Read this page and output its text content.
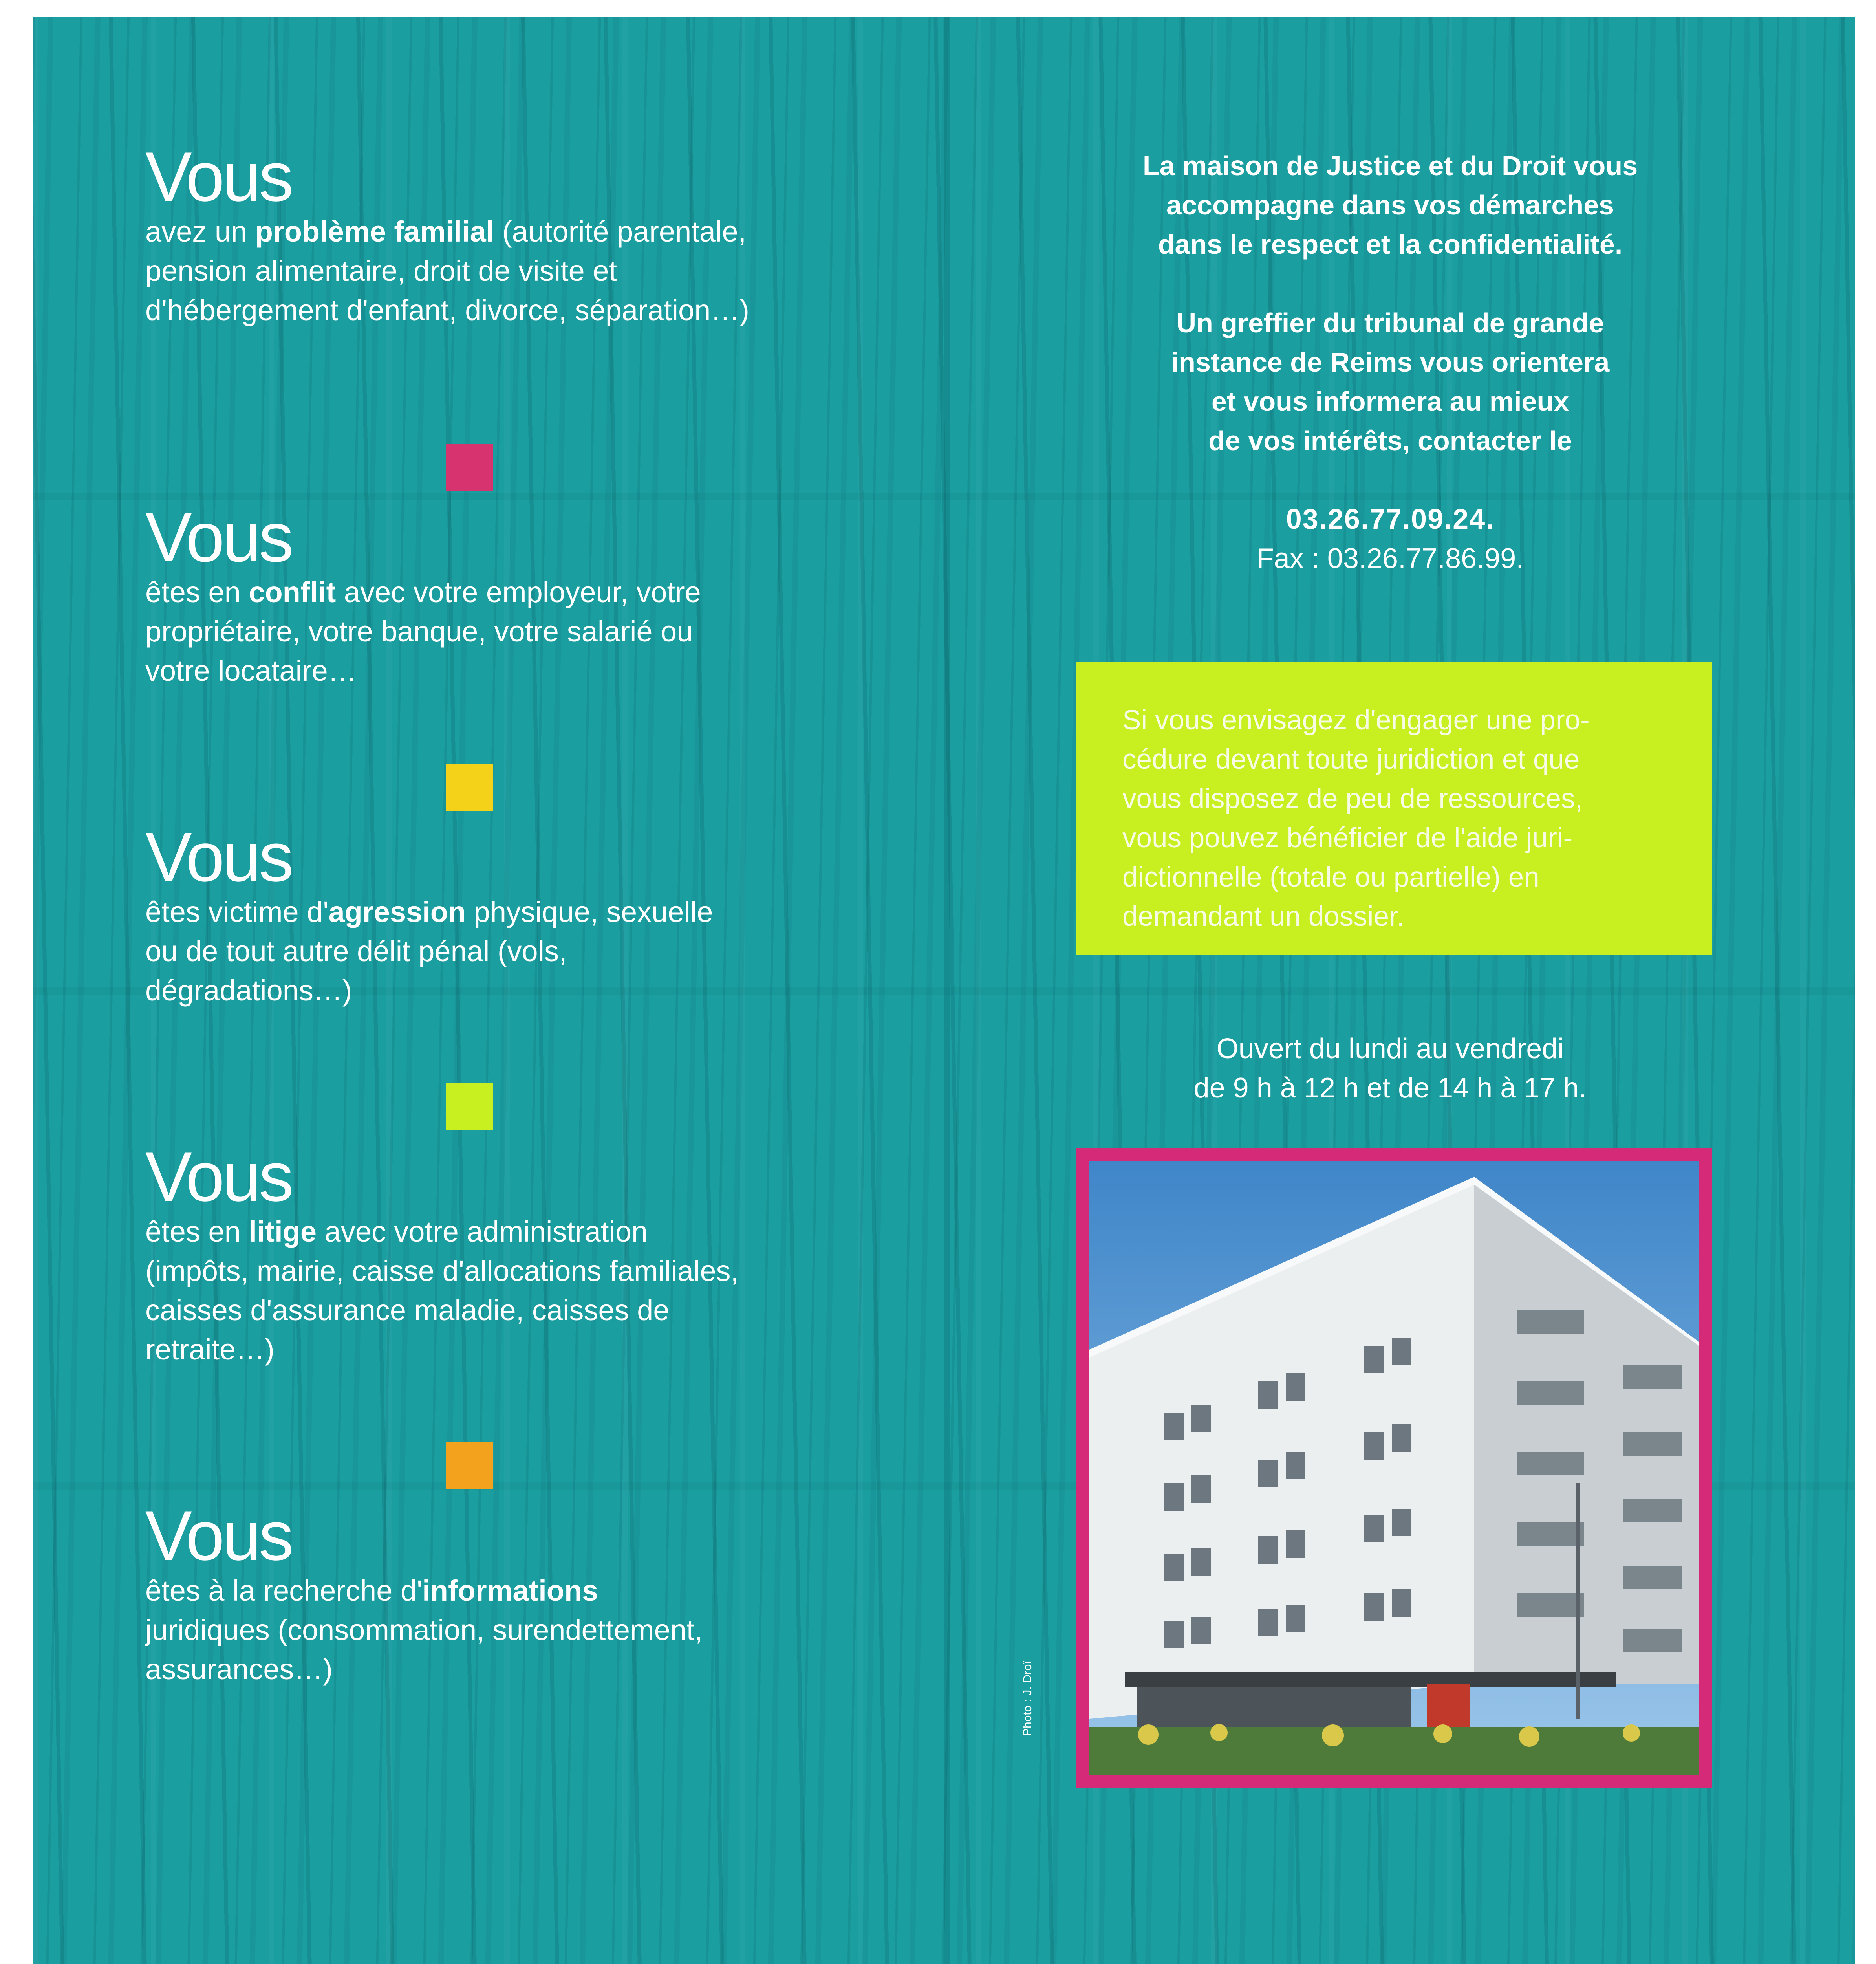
Vous

avez un problème familial (autorité parentale, pension alimentaire, droit de visite et d'hébergement d'enfant, divorce, séparation…)

Vous

êtes en conflit avec votre employeur, votre propriétaire, votre banque, votre salarié ou votre locataire…

Vous

êtes victime d'agression physique, sexuelle ou de tout autre délit pénal (vols, dégradations…)

Vous

êtes en litige avec votre administration (impôts, mairie, caisse d'allocations familiales, caisses d'assurance maladie, caisses de retraite…)

Vous

êtes à la recherche d'informations juridiques (consommation, surendettement, assurances…)

La maison de Justice et du Droit vous

accompagne dans vos démarches

dans le respect et la confidentialité.

Un greffier du tribunal de grande

instance de Reims vous orientera

et vous informera au mieux

de vos intérêts, contacter le

03.26.77.09.24.

Fax : 03.26.77.86.99.

Si vous envisagez d'engager une pro-

cédure devant toute juridiction et que

vous disposez de peu de ressources,

vous pouvez bénéficier de l'aide juri-

dictionnelle (totale ou partielle) en

demandant un dossier.

Ouvert du lundi au vendredi

de 9 h à 12 h et de 14 h à 17 h.

Photo : J. Droï
